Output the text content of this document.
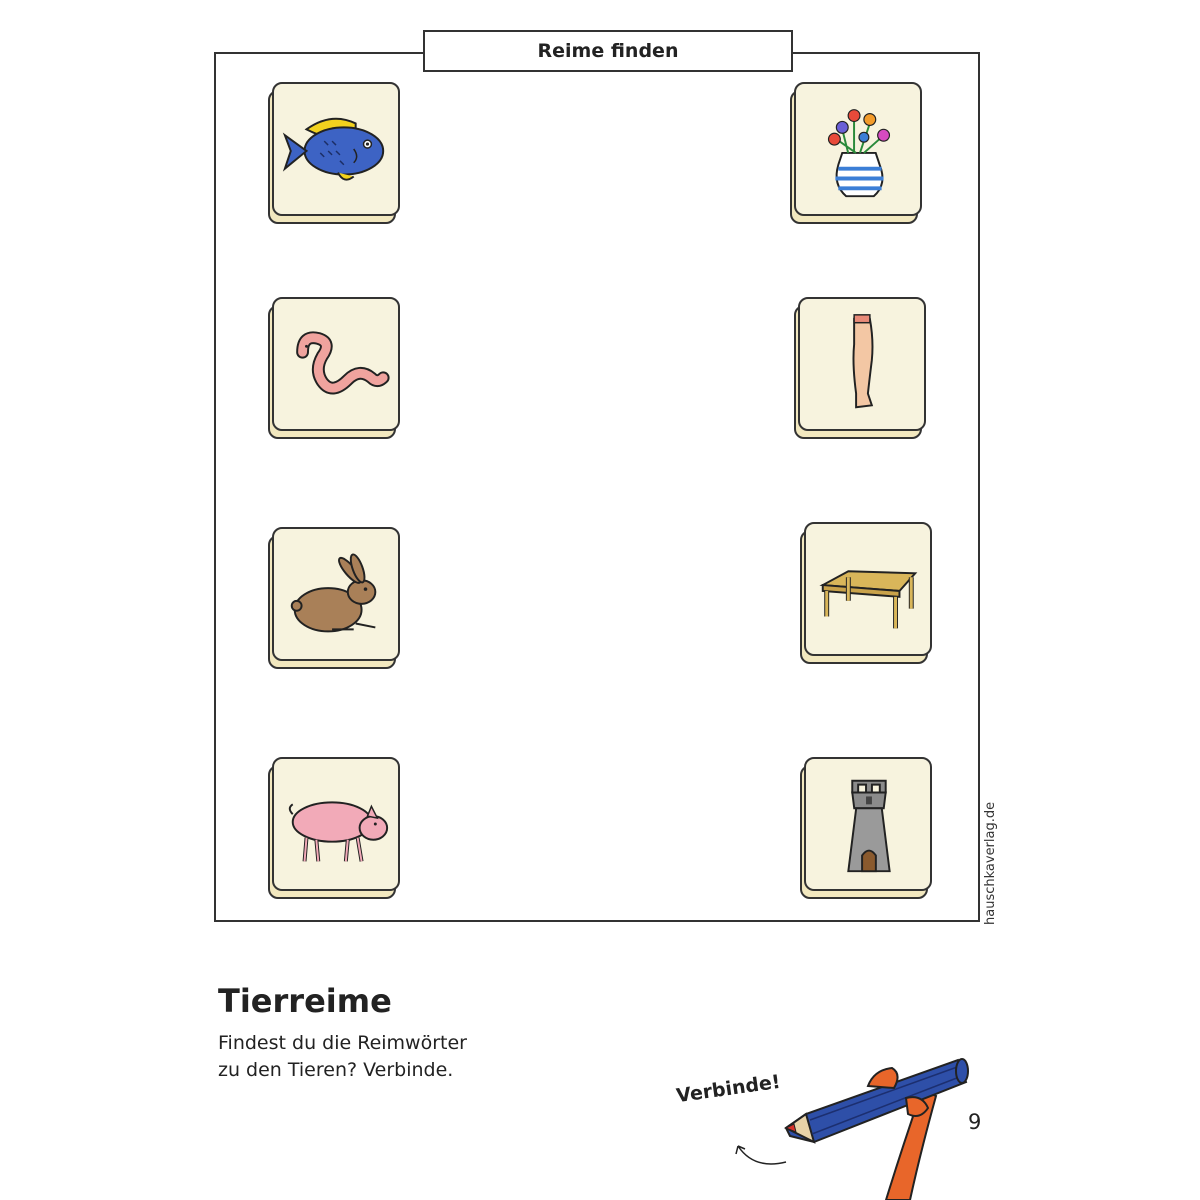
Reime finden
hauschkaverlag.de
Tierreime
Findest du die Reimwörter
zu den Tieren? Verbinde.
Verbinde!
9
